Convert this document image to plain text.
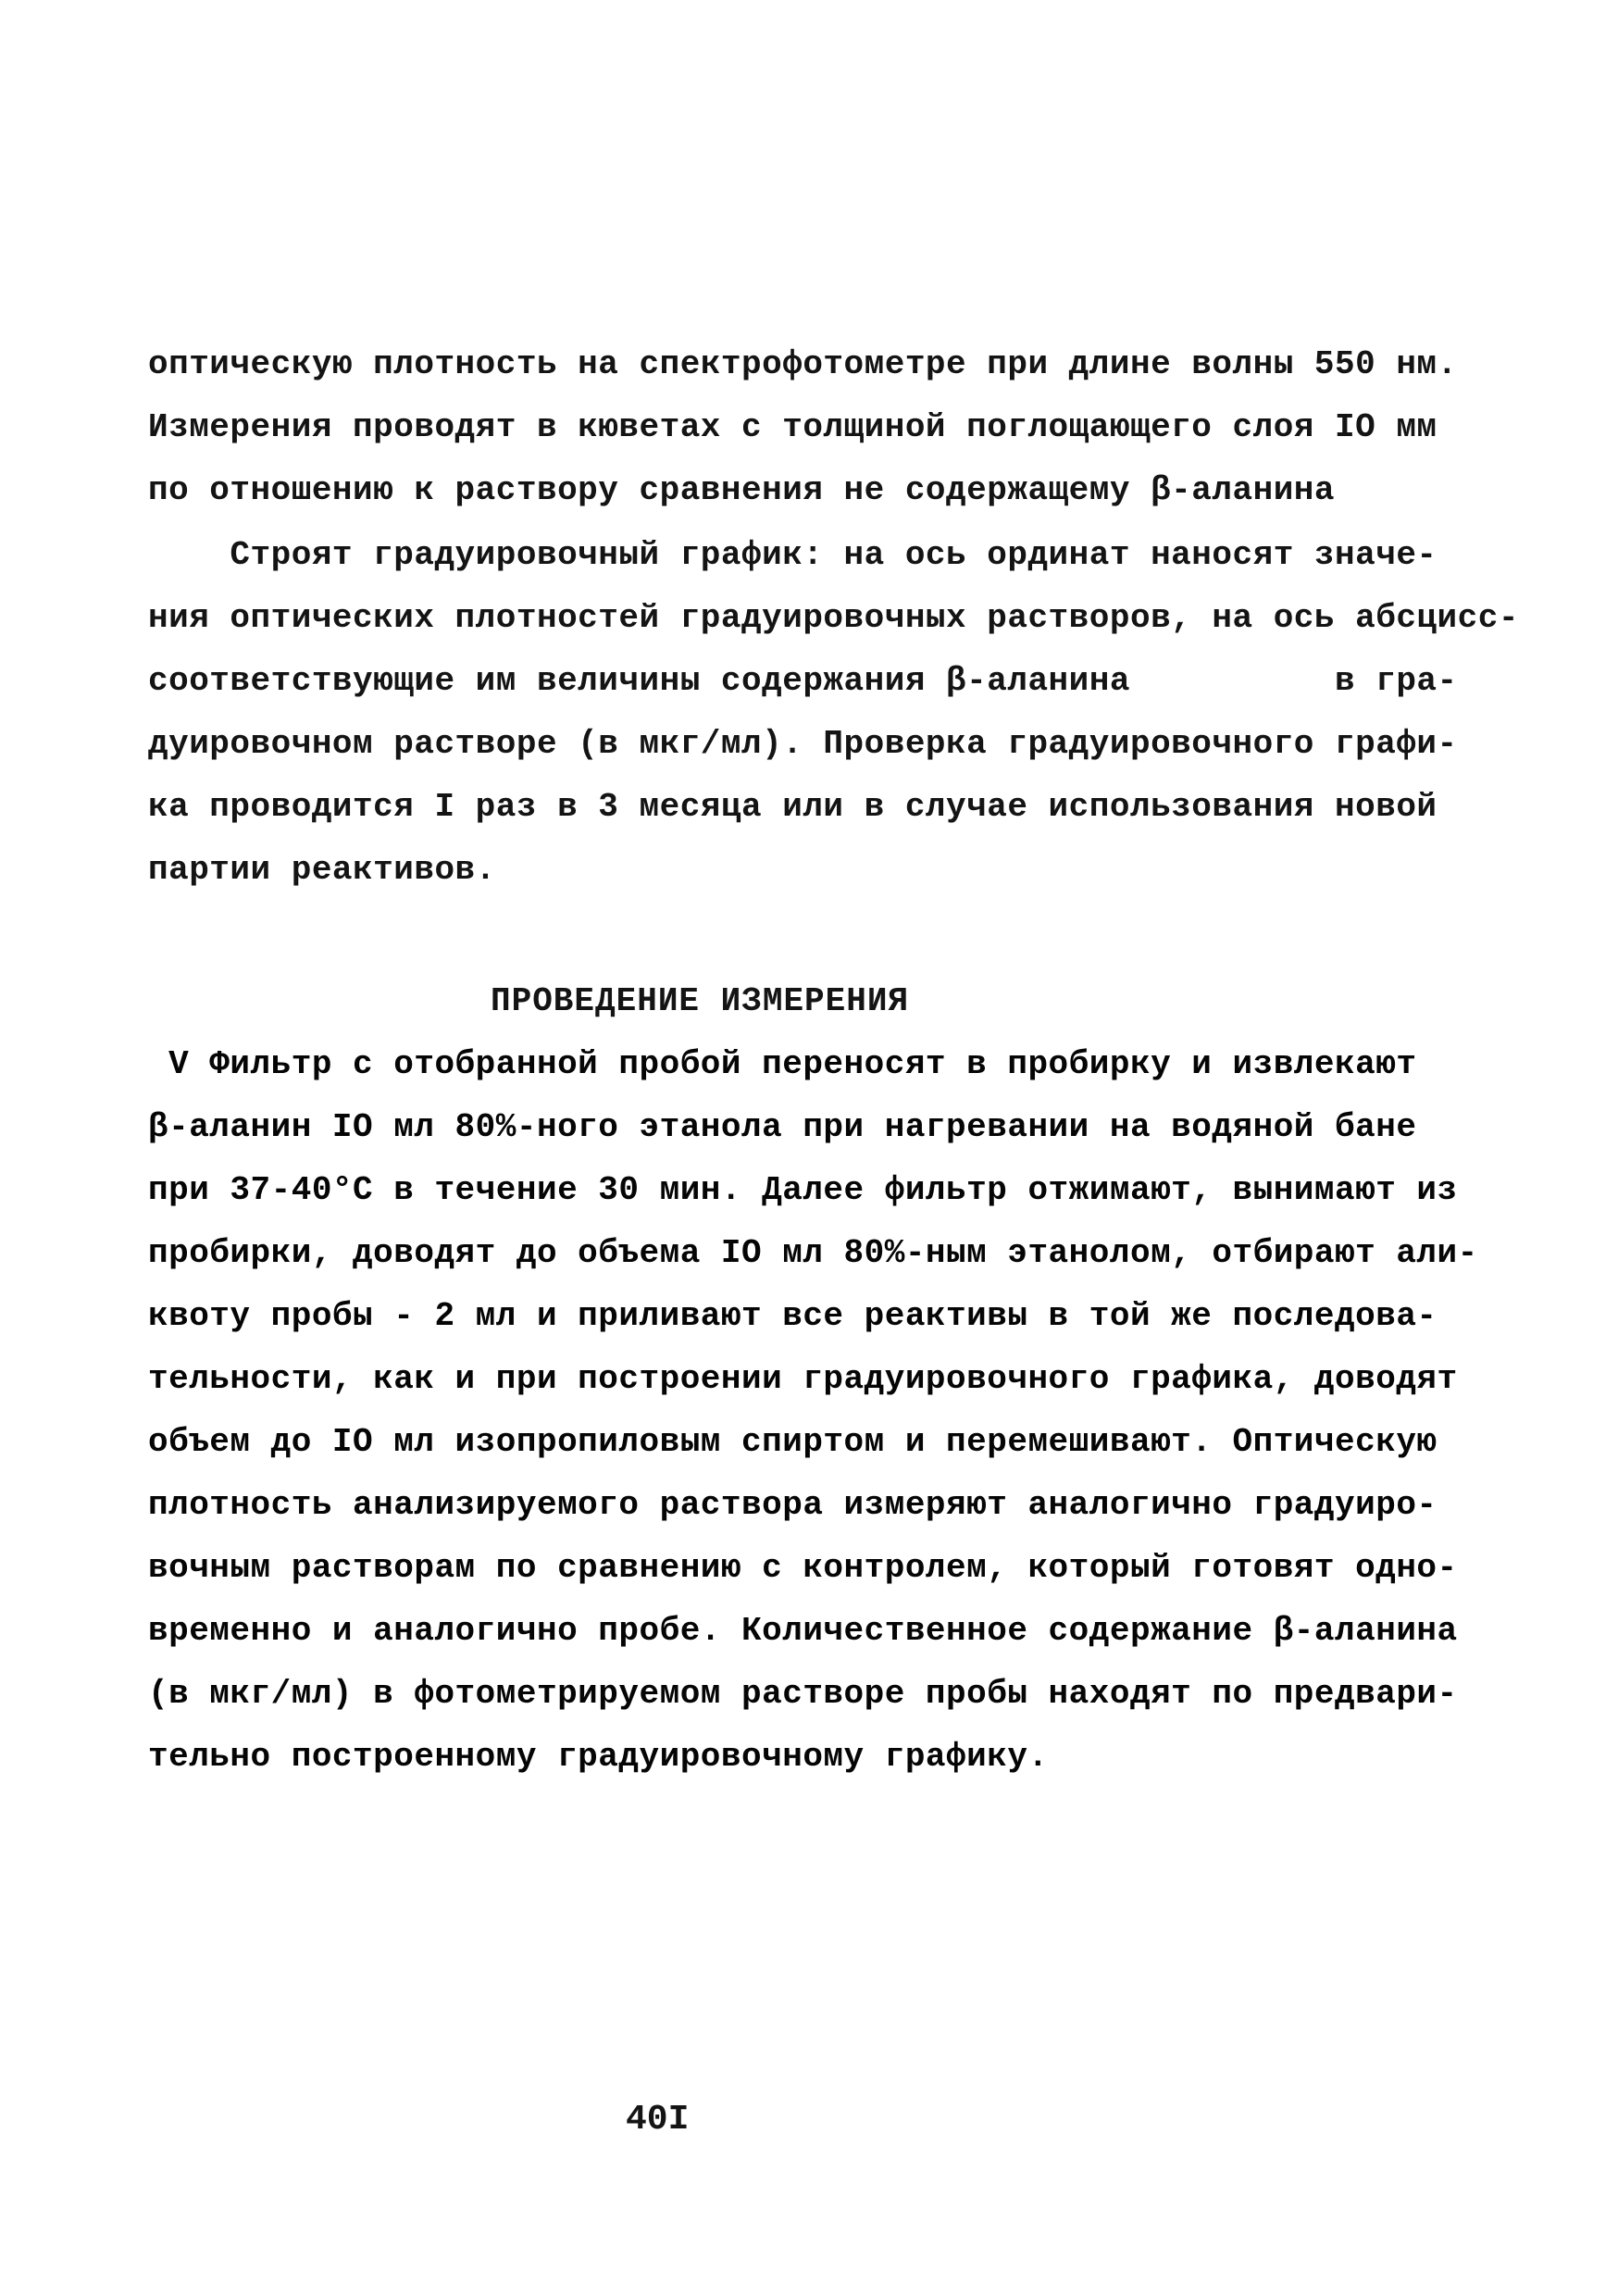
оптическую плотность на спектрофотометре при длине волны 550 нм.
Измерения проводят в кюветах с толщиной поглощающего слоя IO мм
по отношению к раствору сравнения не содержащему β-аланина
Строят градуировочный график: на ось ординат наносят значе-
ния оптических плотностей градуировочных растворов, на ось абсцисс-
соответствующие им величины содержания β-аланина          в гра-
дуировочном растворе (в мкг/мл). Проверка градуировочного графи-
ка проводится I раз в 3 месяца или в случае использования новой
партии реактивов.
ПРОВЕДЕНИЕ ИЗМЕРЕНИЯ
V Фильтр с отобранной пробой переносят в пробирку и извлекают
β-аланин IO мл 80%-ного этанола при нагревании на водяной бане
при 37-40°C в течение 30 мин. Далее фильтр отжимают, вынимают из
пробирки, доводят до объема IO мл 80%-ным этанолом, отбирают али-
квоту пробы - 2 мл и приливают все реактивы в той же последова-
тельности, как и при построении градуировочного графика, доводят
объем до IO мл изопропиловым спиртом и перемешивают. Оптическую
плотность анализируемого раствора измеряют аналогично градуиро-
вочным растворам по сравнению с контролем, который готовят одно-
временно и аналогично пробе. Количественное содержание β-аланина
(в мкг/мл) в фотометрируемом растворе пробы находят по предвари-
тельно построенному градуировочному графику.
40I
